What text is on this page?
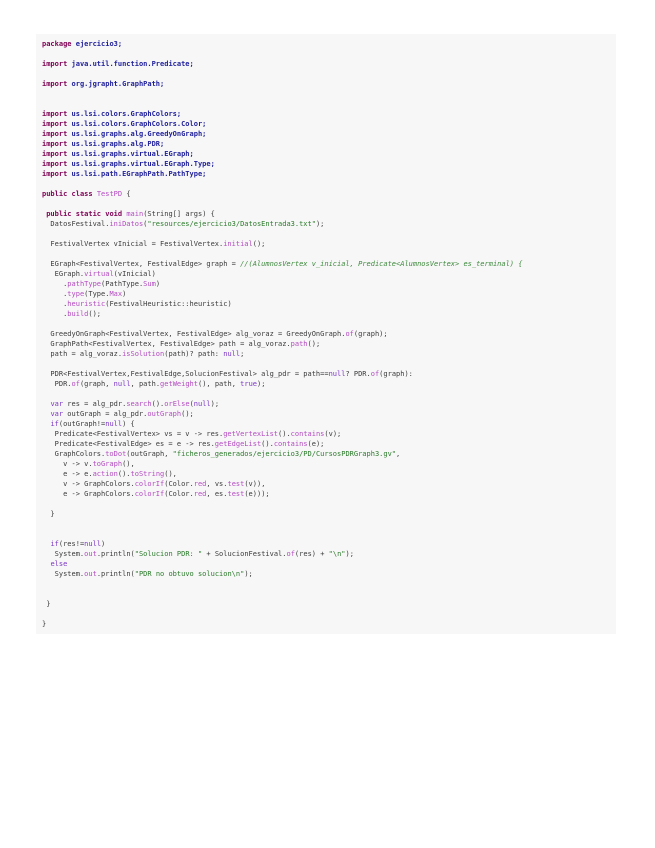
package ejercicio3;
import java.util.function.Predicate;
import org.jgrapht.GraphPath;
import us.lsi.colors.GraphColors;
import us.lsi.colors.GraphColors.Color;
import us.lsi.graphs.alg.GreedyOnGraph;
import us.lsi.graphs.alg.PDR;
import us.lsi.graphs.virtual.EGraph;
import us.lsi.graphs.virtual.EGraph.Type;
import us.lsi.path.EGraphPath.PathType;
public class TestPD {
public static void main(String[] args) {
DatosFestival.iniDatos("resources/ejercicio3/DatosEntrada3.txt");
FestivalVertex vInicial = FestivalVertex.initial();
EGraph<FestivalVertex, FestivalEdge> graph = //(AlumnosVertex v_inicial, Predicate<AlumnosVertex> es_terminal) {
EGraph.virtual(vInicial)
.pathType(PathType.Sum)
.type(Type.Max)
.heuristic(FestivalHeuristic::heuristic)
.build();
GreedyOnGraph<FestivalVertex, FestivalEdge> alg_voraz = GreedyOnGraph.of(graph);
GraphPath<FestivalVertex, FestivalEdge> path = alg_voraz.path();
path = alg_voraz.isSolution(path)? path: null;
PDR<FestivalVertex,FestivalEdge,SolucionFestival> alg_pdr = path==null? PDR.of(graph):
PDR.of(graph, null, path.getWeight(), path, true);
var res = alg_pdr.search().orElse(null);
var outGraph = alg_pdr.outGraph();
if(outGraph!=null) {
Predicate<FestivalVertex> vs = v -> res.getVertexList().contains(v);
Predicate<FestivalEdge> es = e -> res.getEdgeList().contains(e);
GraphColors.toDot(outGraph, "ficheros_generados/ejercicio3/PD/CursosPDRGraph3.gv",
v -> v.toGraph(),
e -> e.action().toString(),
v -> GraphColors.colorIf(Color.red, vs.test(v)),
e -> GraphColors.colorIf(Color.red, es.test(e)));
}
if(res!=null)
System.out.println("Solucion PDR: " + SolucionFestival.of(res) + "\n");
else
System.out.println("PDR no obtuvo solucion\n");
}
}
